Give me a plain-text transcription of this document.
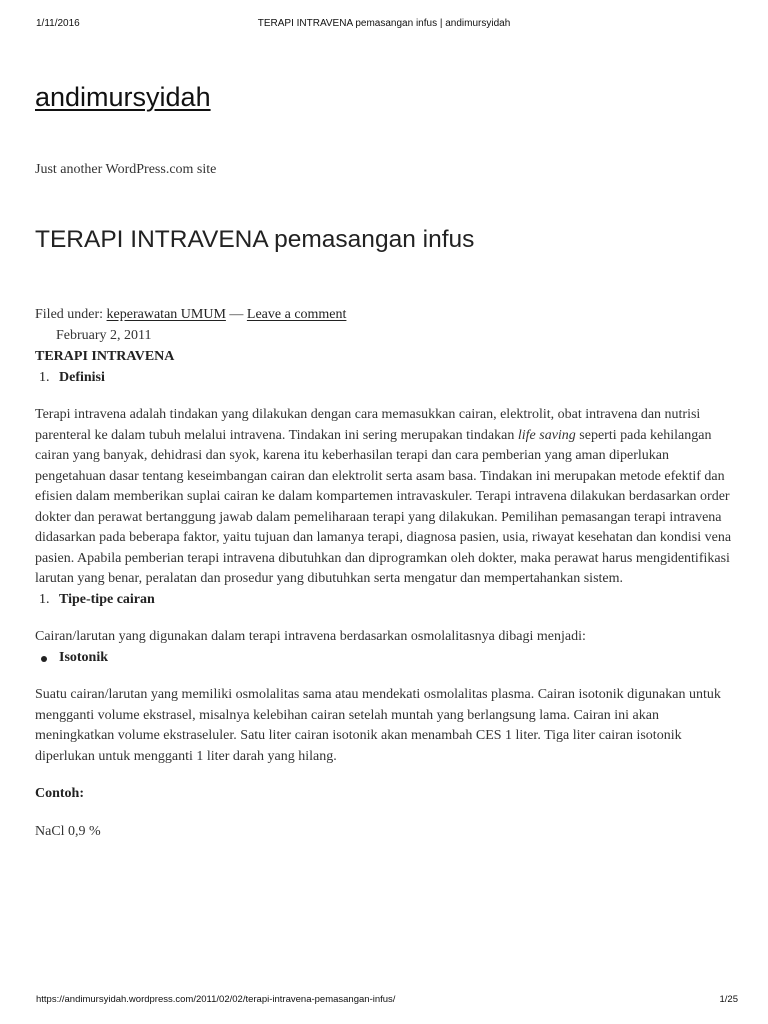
1/11/2016	TERAPI INTRAVENA pemasangan infus | andimursyidah
andimursyidah
Just another WordPress.com site
TERAPI INTRAVENA pemasangan infus
Filed under: keperawatan UMUM — Leave a comment
February 2, 2011

TERAPI INTRAVENA

1. Definisi

Terapi intravena adalah tindakan yang dilakukan dengan cara memasukkan cairan, elektrolit, obat intravena dan nutrisi parenteral ke dalam tubuh melalui intravena. Tindakan ini sering merupakan tindakan life saving seperti pada kehilangan cairan yang banyak, dehidrasi dan syok, karena itu keberhasilan terapi dan cara pemberian yang aman diperlukan pengetahuan dasar tentang keseimbangan cairan dan elektrolit serta asam basa. Tindakan ini merupakan metode efektif dan efisien dalam memberikan suplai cairan ke dalam kompartemen intravaskuler. Terapi intravena dilakukan berdasarkan order dokter dan perawat bertanggung jawab dalam pemeliharaan terapi yang dilakukan. Pemilihan pemasangan terapi intravena didasarkan pada beberapa faktor, yaitu tujuan dan lamanya terapi, diagnosa pasien, usia, riwayat kesehatan dan kondisi vena pasien. Apabila pemberian terapi intravena dibutuhkan dan diprogramkan oleh dokter, maka perawat harus mengidentifikasi larutan yang benar, peralatan dan prosedur yang dibutuhkan serta mengatur dan mempertahankan sistem.

1. Tipe-tipe cairan

Cairan/larutan yang digunakan dalam terapi intravena berdasarkan osmolalitasnya dibagi menjadi:

Isotonik

Suatu cairan/larutan yang memiliki osmolalitas sama atau mendekati osmolalitas plasma. Cairan isotonik digunakan untuk mengganti volume ekstrasel, misalnya kelebihan cairan setelah muntah yang berlangsung lama. Cairan ini akan meningkatkan volume ekstraseluler. Satu liter cairan isotonik akan menambah CES 1 liter. Tiga liter cairan isotonik diperlukan untuk mengganti 1 liter darah yang hilang.

Contoh:

NaCl 0,9 %

https://andimursyidah.wordpress.com/2011/02/02/terapi-intravena-pemasangan-infus/	1/25
